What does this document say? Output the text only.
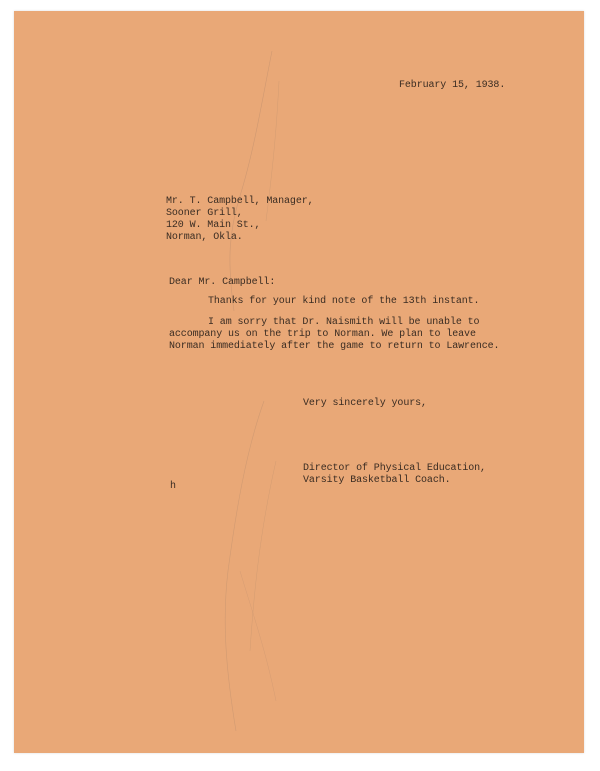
February 15, 1938.
Mr. T. Campbell, Manager,
Sooner Grill,
120 W. Main St.,
Norman, Okla.
Dear Mr. Campbell:
Thanks for your kind note of the 13th instant.
I am sorry that Dr. Naismith will be unable to
accompany us on the trip to Norman. We plan to leave
Norman immediately after the game to return to Lawrence.
Very sincerely yours,
Director of Physical Education,
Varsity Basketball Coach.
h
